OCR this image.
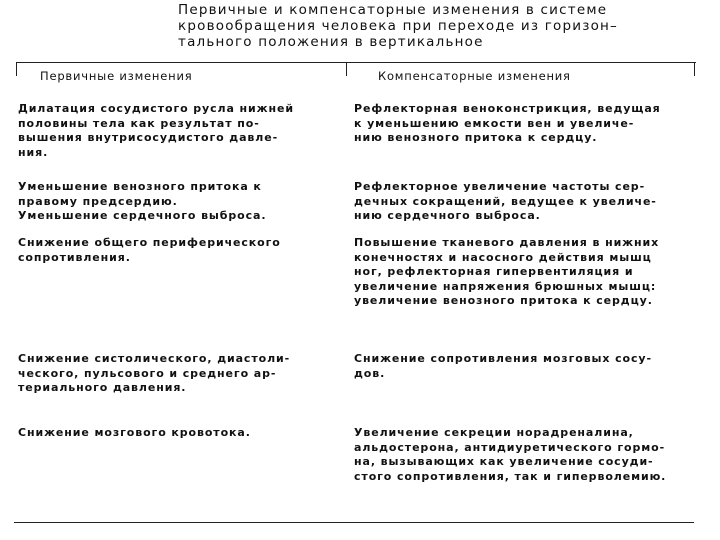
Первичные и компенсаторные изменения в системе
кровообращения человека при переходе из горизон–
тального положения в вертикальное
Первичные изменения	Компенсаторные изменения
Дилатация сосудистого русла нижней
половины тела как результат по-
вышения внутрисосудистого давле-
ния.
Рефлекторная веноконстрикция, ведущая
к уменьшению емкости вен и увеличе-
нию венозного притока к сердцу.
Уменьшение венозного притока к
правому предсердию.
Уменьшение сердечного выброса.
Рефлекторное увеличение частоты сер-
дечных сокращений, ведущее к увеличе-
нию сердечного выброса.
Снижение общего периферического
сопротивления.
Повышение тканевого давления в нижних
конечностях и насосного действия мышц
ног, рефлекторная гипервентиляция и
увеличение напряжения брюшных мышц:
увеличение венозного притока к сердцу.
Снижение систолического, диастоли-
ческого, пульсового и среднего ар-
териального давления.
Снижение сопротивления мозговых сосу-
дов.
Снижение мозгового кровотока.	Увеличение секреции норадреналина,
альдостерона, антидиуретического гормо-
на, вызывающих как увеличение сосуди-
стого сопротивления, так и гиперволемию.
